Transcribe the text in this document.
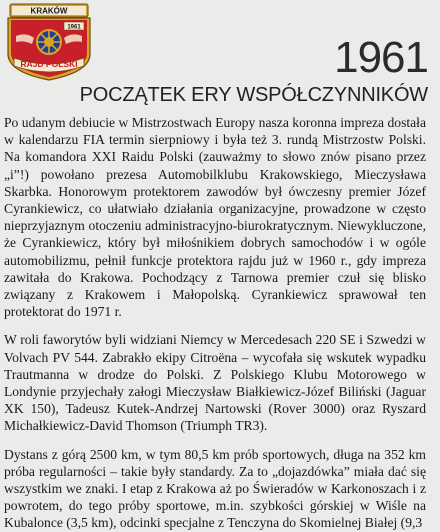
KRAKÓW
1961
RAJD POLSKI	1961
POCZĄTEK ERY WSPÓŁCZYNNIKÓW

Po udanym debiucie w Mistrzostwach Europy nasza koronna impreza dostała w kalendarzu FIA termin sierpniowy i była też 3. rundą Mistrzostw Polski. Na komandora XXI Raidu Polski (zauważmy to słowo znów pisano przez „i”!) powołano prezesa Automobilklubu Krakowskiego, Mieczysława Skarbka. Honorowym protektorem zawodów był ówczesny premier Józef Cyrankiewicz, co ułatwiało działania organizacyjne, prowadzone w często nieprzyjaznym otoczeniu administracyjno-biurokratycznym. Niewykluczone, że Cyrankiewicz, który był miłośnikiem dobrych samochodów i w ogóle automobilizmu, pełnił funkcje protektora rajdu już w 1960 r., gdy impreza zawitała do Krakowa. Pochodzący z Tarnowa premier czuł się blisko związany z Krakowem i Małopolską. Cyrankiewicz sprawował ten protektorat do 1971 r.

W roli faworytów byli widziani Niemcy w Mercedesach 220 SE i Szwedzi w Volvach PV 544. Zabrakło ekipy Citroëna – wycofała się wskutek wypadku Trautmanna w drodze do Polski. Z Polskiego Klubu Motorowego w Londynie przyjechały załogi Mieczysław Białkiewicz-Józef Biliński (Jaguar XK 150), Tadeusz Kutek-Andrzej Nartowski (Rover 3000) oraz Ryszard Michałkiewicz-David Thomson (Triumph TR3).

Dystans z górą 2500 km, w tym 80,5 km prób sportowych, długa na 352 km próba regularności – takie były standardy. Za to „dojazdówka” miała dać się wszystkim we znaki. I etap z Krakowa aż po Świeradów w Karkonoszach i z powrotem, do tego próby sportowe, m.in. szybkości górskiej w Wiśle na Kubalonce (3,5 km), odcinki specjalne z Tenczyna do Skomielnej Białej (9,3
